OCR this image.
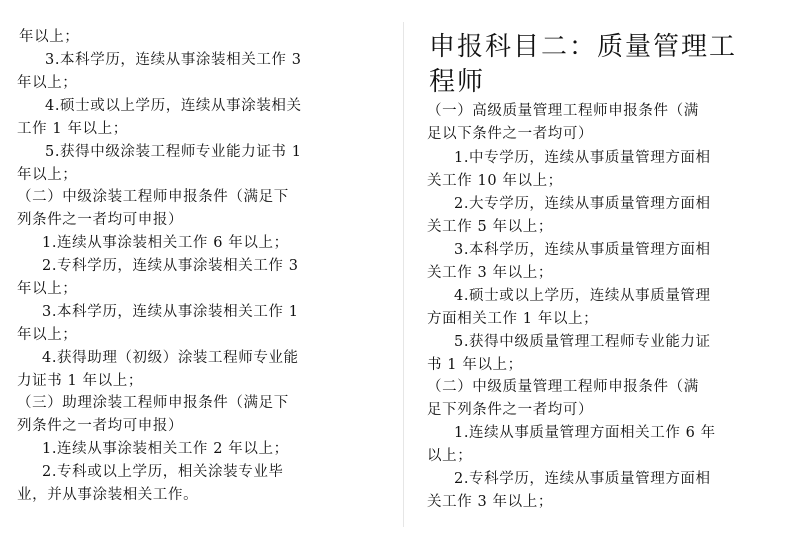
年以上；
3.本科学历，连续从事涂装相关工作 3
年以上；
4.硕士或以上学历，连续从事涂装相关
工作 1 年以上；
5.获得中级涂装工程师专业能力证书 1
年以上；
（二）中级涂装工程师申报条件（满足下
列条件之一者均可申报）
1.连续从事涂装相关工作 6 年以上；
2.专科学历，连续从事涂装相关工作 3
年以上；
3.本科学历，连续从事涂装相关工作 1
年以上；
4.获得助理（初级）涂装工程师专业能
力证书 1 年以上；
（三）助理涂装工程师申报条件（满足下
列条件之一者均可申报）
1.连续从事涂装相关工作 2 年以上；
2.专科或以上学历，相关涂装专业毕
业，并从事涂装相关工作。
申报科目二：质量管理工
程师
（一）高级质量管理工程师申报条件（满
足以下条件之一者均可）
1.中专学历，连续从事质量管理方面相
关工作 10 年以上；
2.大专学历，连续从事质量管理方面相
关工作 5 年以上；
3.本科学历，连续从事质量管理方面相
关工作 3 年以上；
4.硕士或以上学历，连续从事质量管理
方面相关工作 1 年以上；
5.获得中级质量管理工程师专业能力证
书 1 年以上；
（二）中级质量管理工程师申报条件（满
足下列条件之一者均可）
1.连续从事质量管理方面相关工作 6 年
以上；
2.专科学历，连续从事质量管理方面相
关工作 3 年以上；
